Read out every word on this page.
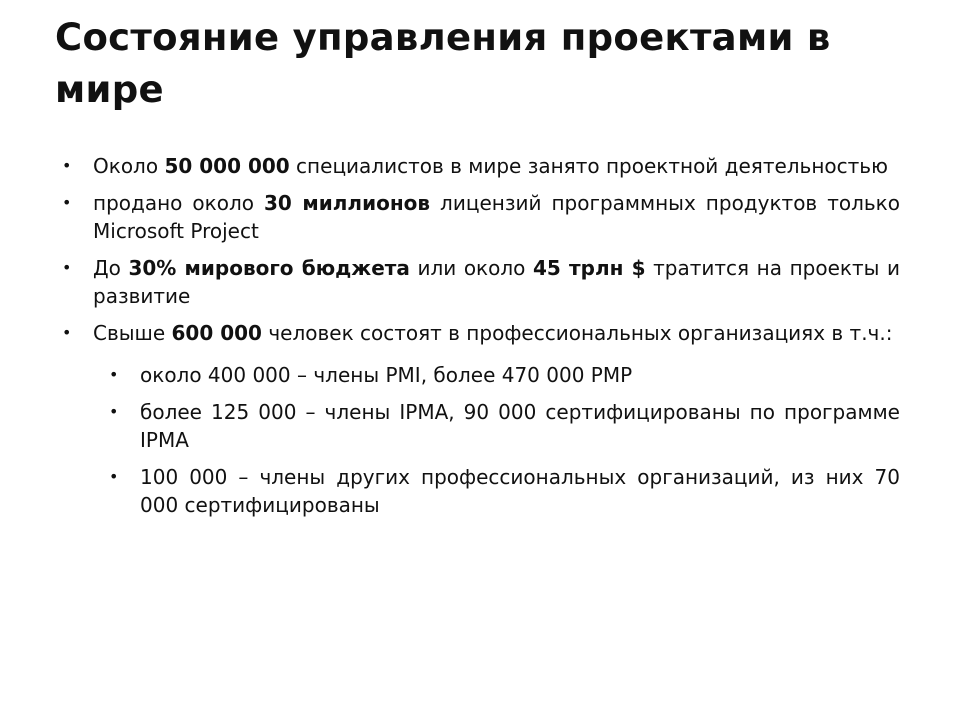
Состояние управления проектами в мире
• Около 50 000 000 специалистов в мире занято проектной деятельностью
• продано около 30 миллионов лицензий программных продуктов только Microsoft Project
• До 30% мирового бюджета или около 45 трлн $ тратится на проекты и развитие
• Свыше 600 000 человек состоят в профессиональных организациях в т.ч.:
• около 400 000 – члены PMI, более 470 000 PMP
• более 125 000 – члены IPMA, 90 000 сертифицированы по программе IPMA
• 100 000 – члены других профессиональных организаций, из них 70 000 сертифицированы
